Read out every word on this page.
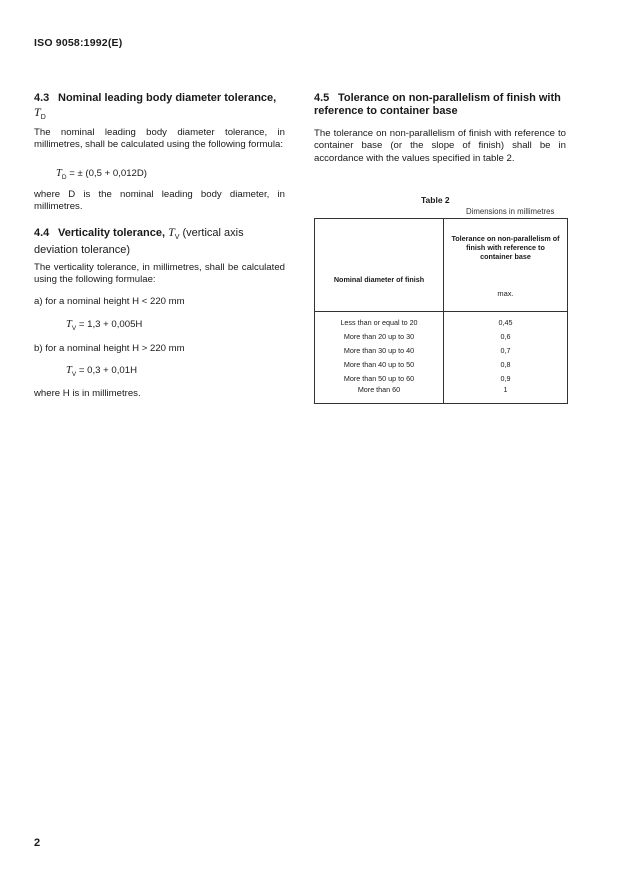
ISO 9058:1992(E)
4.3 Nominal leading body diameter tolerance,
$T_D$
The nominal leading body diameter tolerance, in millimetres, shall be calculated using the following formula:
$T_D$ = ± (0,5 + 0,012D)
where D is the nominal leading body diameter, in millimetres.
4.4 Verticality tolerance, $T_V$ (vertical axis
deviation tolerance)
The verticality tolerance, in millimetres, shall be calculated using the following formulae:
a) for a nominal height H < 220 mm
$T_V = 1,3 + 0,005H$
b) for a nominal height H > 220 mm
$T_V = 0,3 + 0,01H$
where H is in millimetres.
4.5 Tolerance on non-parallelism of finish with reference to container base
The tolerance on non-parallelism of finish with reference to container base (or the slope of finish) shall be in accordance with the values specified in table 2.
Table 2
Dimensions in millimetres
Nominal diameter of finish	Tolerance on non-parallelism of finish with reference to container base
	max.
Less than or equal to 20	0,45
More than 20 up to 30	0,6
More than 30 up to 40	0,7
More than 40 up to 50	0,8
More than 50 up to 60	0,9
More than 60	1
2
